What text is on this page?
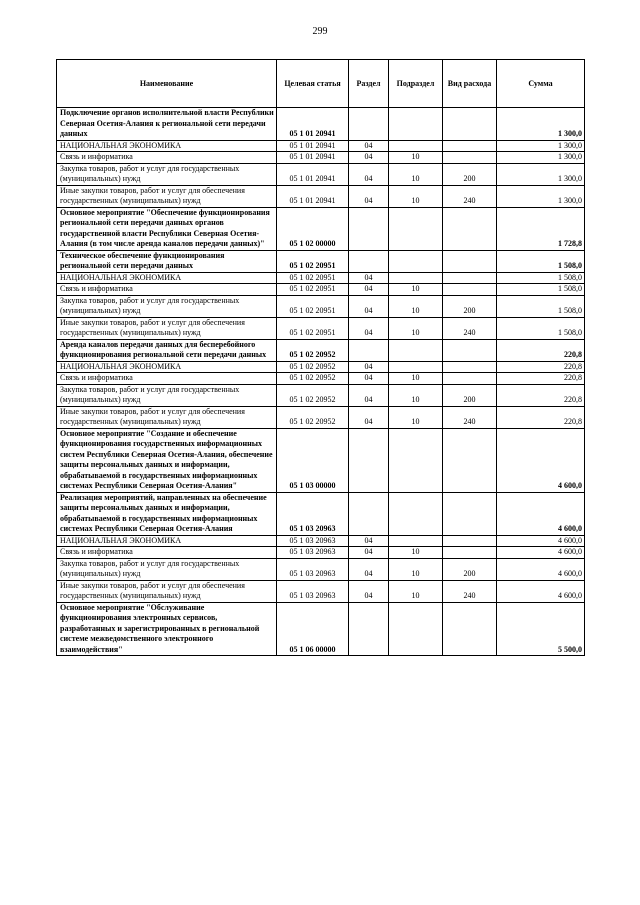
299
Наименование	Целевая статья	Раздел	Подраздел	Вид расхода	Сумма
Подключение органов исполнительной власти Республики Северная Осетия-Алания к региональной сети передачи данных	05 1 01 20941				1 300,0
НАЦИОНАЛЬНАЯ ЭКОНОМИКА	05 1 01 20941	04			1 300,0
Связь и информатика	05 1 01 20941	04	10		1 300,0
Закупка товаров, работ и услуг для государственных (муниципальных) нужд	05 1 01 20941	04	10	200	1 300,0
Иные закупки товаров, работ и услуг для обеспечения государственных (муниципальных) нужд	05 1 01 20941	04	10	240	1 300,0
Основное мероприятие "Обеспечение функционирования региональной сети передачи данных органов государственной власти Республики Северная Осетия-Алания (в том числе аренда каналов передачи данных)"	05 1 02 00000				1 728,8
Техническое обеспечение функционирования региональной сети передачи данных	05 1 02 20951				1 508,0
НАЦИОНАЛЬНАЯ ЭКОНОМИКА	05 1 02 20951	04			1 508,0
Связь и информатика	05 1 02 20951	04	10		1 508,0
Закупка товаров, работ и услуг для государственных (муниципальных) нужд	05 1 02 20951	04	10	200	1 508,0
Иные закупки товаров, работ и услуг для обеспечения государственных (муниципальных) нужд	05 1 02 20951	04	10	240	1 508,0
Аренда каналов передачи данных для бесперебойного функционирования региональной сети передачи данных	05 1 02 20952				220,8
НАЦИОНАЛЬНАЯ ЭКОНОМИКА	05 1 02 20952	04			220,8
Связь и информатика	05 1 02 20952	04	10		220,8
Закупка товаров, работ и услуг для государственных (муниципальных) нужд	05 1 02 20952	04	10	200	220,8
Иные закупки товаров, работ и услуг для обеспечения государственных (муниципальных) нужд	05 1 02 20952	04	10	240	220,8
Основное мероприятие "Создание и обеспечение функционирования государственных информационных систем Республики Северная Осетия-Алания, обеспечение защиты персональных данных и информации, обрабатываемой в государственных информационных системах Республики Северная Осетия-Алания"	05 1 03 00000				4 600,0
Реализация мероприятий, направленных на обеспечение защиты персональных данных и информации, обрабатываемой в государственных информационных системах Республики Северная Осетия-Алания	05 1 03 20963				4 600,0
НАЦИОНАЛЬНАЯ ЭКОНОМИКА	05 1 03 20963	04			4 600,0
Связь и информатика	05 1 03 20963	04	10		4 600,0
Закупка товаров, работ и услуг для государственных (муниципальных) нужд	05 1 03 20963	04	10	200	4 600,0
Иные закупки товаров, работ и услуг для обеспечения государственных (муниципальных) нужд	05 1 03 20963	04	10	240	4 600,0
Основное мероприятие "Обслуживание функционирования электронных сервисов, разработанных и зарегистрированных в региональной системе межведомственного электронного взаимодействия"	05 1 06 00000				5 500,0
